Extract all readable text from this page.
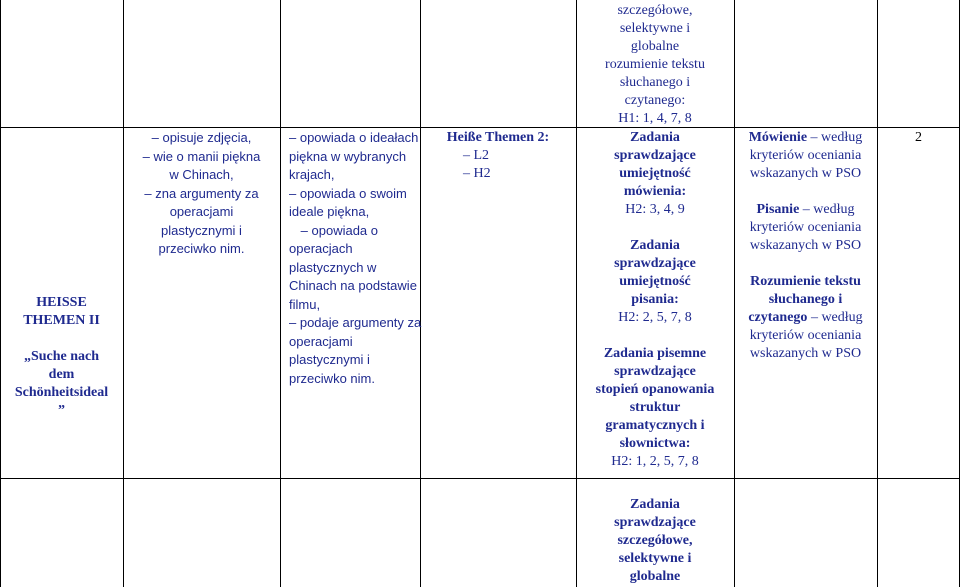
HEISSE
THEMEN II
„Suche nach
dem
Schönheitsideal
”
– opisuje zdjęcia,
– wie o manii piękna
w Chinach,
– zna argumenty za
operacjami
plastycznymi i
przeciwko nim.
– opowiada o ideałach
piękna w wybranych
krajach,
– opowiada o swoim
ideale piękna,
– opowiada o
operacjach
plastycznych w
Chinach na podstawie
filmu,
– podaje argumenty za
operacjami
plastycznymi i
przeciwko nim.
Heiße Themen 2:
– L2
– H2
szczegółowe,
selektywne i
globalne
rozumienie tekstu
słuchanego i
czytanego:
H1: 1, 4, 7, 8
Zadania
sprawdzające
umiejętność
mówienia:
H2: 3, 4, 9
Zadania
sprawdzające
umiejętność
pisania:
H2: 2, 5, 7, 8
Zadania pisemne
sprawdzające
stopień opanowania
struktur
gramatycznych i
słownictwa:
H2: 1, 2, 5, 7, 8
Zadania
sprawdzające
szczegółowe,
selektywne i
globalne
Mówienie – według
kryteriów oceniania
wskazanych w PSO
Pisanie – według
kryteriów oceniania
wskazanych w PSO
Rozumienie tekstu
słuchanego i
czytanego – według
kryteriów oceniania
wskazanych w PSO
2
